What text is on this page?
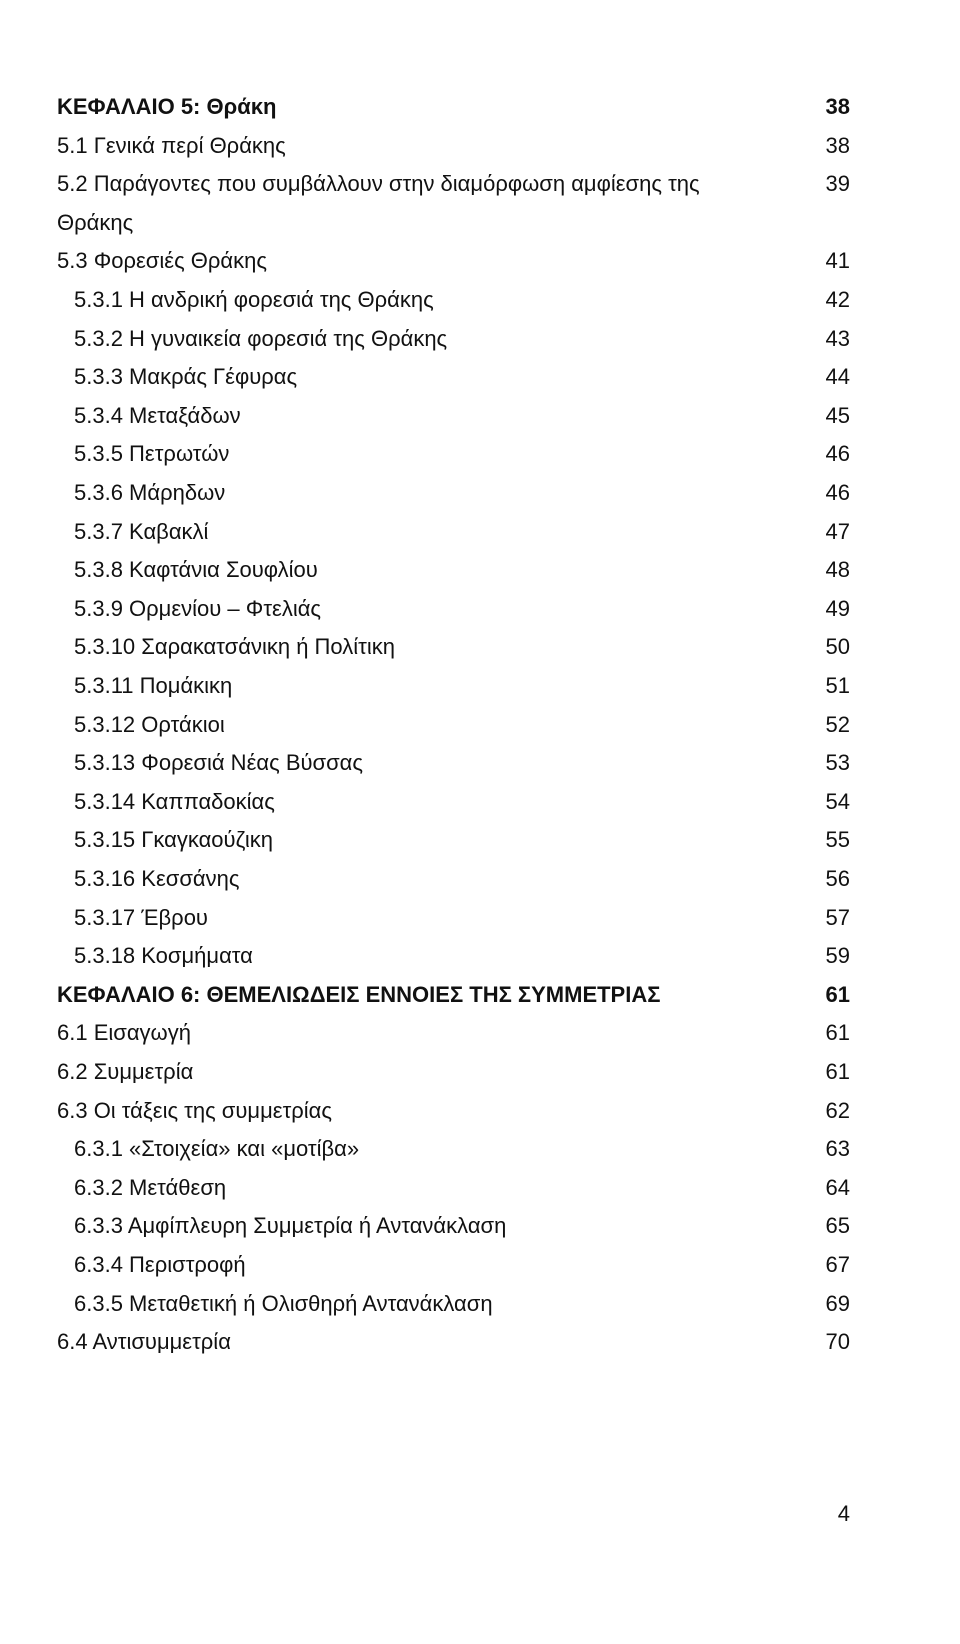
ΚΕΦΑΛΑΙΟ 5: Θράκη	38
5.1 Γενικά περί Θράκης	38
5.2 Παράγοντες που συμβάλλουν στην διαμόρφωση αμφίεσης της	39
Θράκης
5.3 Φορεσιές Θράκης	41
5.3.1 Η ανδρική φορεσιά της Θράκης	42
5.3.2 Η γυναικεία φορεσιά της Θράκης	43
5.3.3 Μακράς Γέφυρας	44
5.3.4 Μεταξάδων	45
5.3.5 Πετρωτών	46
5.3.6 Μάρηδων	46
5.3.7 Καβακλί	47
5.3.8 Καφτάνια Σουφλίου	48
5.3.9 Ορμενίου – Φτελιάς	49
5.3.10 Σαρακατσάνικη ή Πολίτικη	50
5.3.11 Πομάκικη	51
5.3.12 Ορτάκιοι	52
5.3.13 Φορεσιά Νέας Βύσσας	53
5.3.14 Καππαδοκίας	54
5.3.15 Γκαγκαούζικη	55
5.3.16 Κεσσάνης	56
5.3.17 Έβρου	57
5.3.18 Κοσμήματα	59
ΚΕΦΑΛΑΙΟ 6: ΘΕΜΕΛΙΩΔΕΙΣ ΕΝΝΟΙΕΣ ΤΗΣ ΣΥΜΜΕΤΡΙΑΣ	61
6.1 Εισαγωγή	61
6.2 Συμμετρία	61
6.3 Οι τάξεις της συμμετρίας	62
6.3.1 «Στοιχεία» και «μοτίβα»	63
6.3.2 Μετάθεση	64
6.3.3 Αμφίπλευρη Συμμετρία ή Αντανάκλαση	65
6.3.4 Περιστροφή	67
6.3.5 Μεταθετική ή Ολισθηρή Αντανάκλαση	69
6.4 Αντισυμμετρία	70
4
